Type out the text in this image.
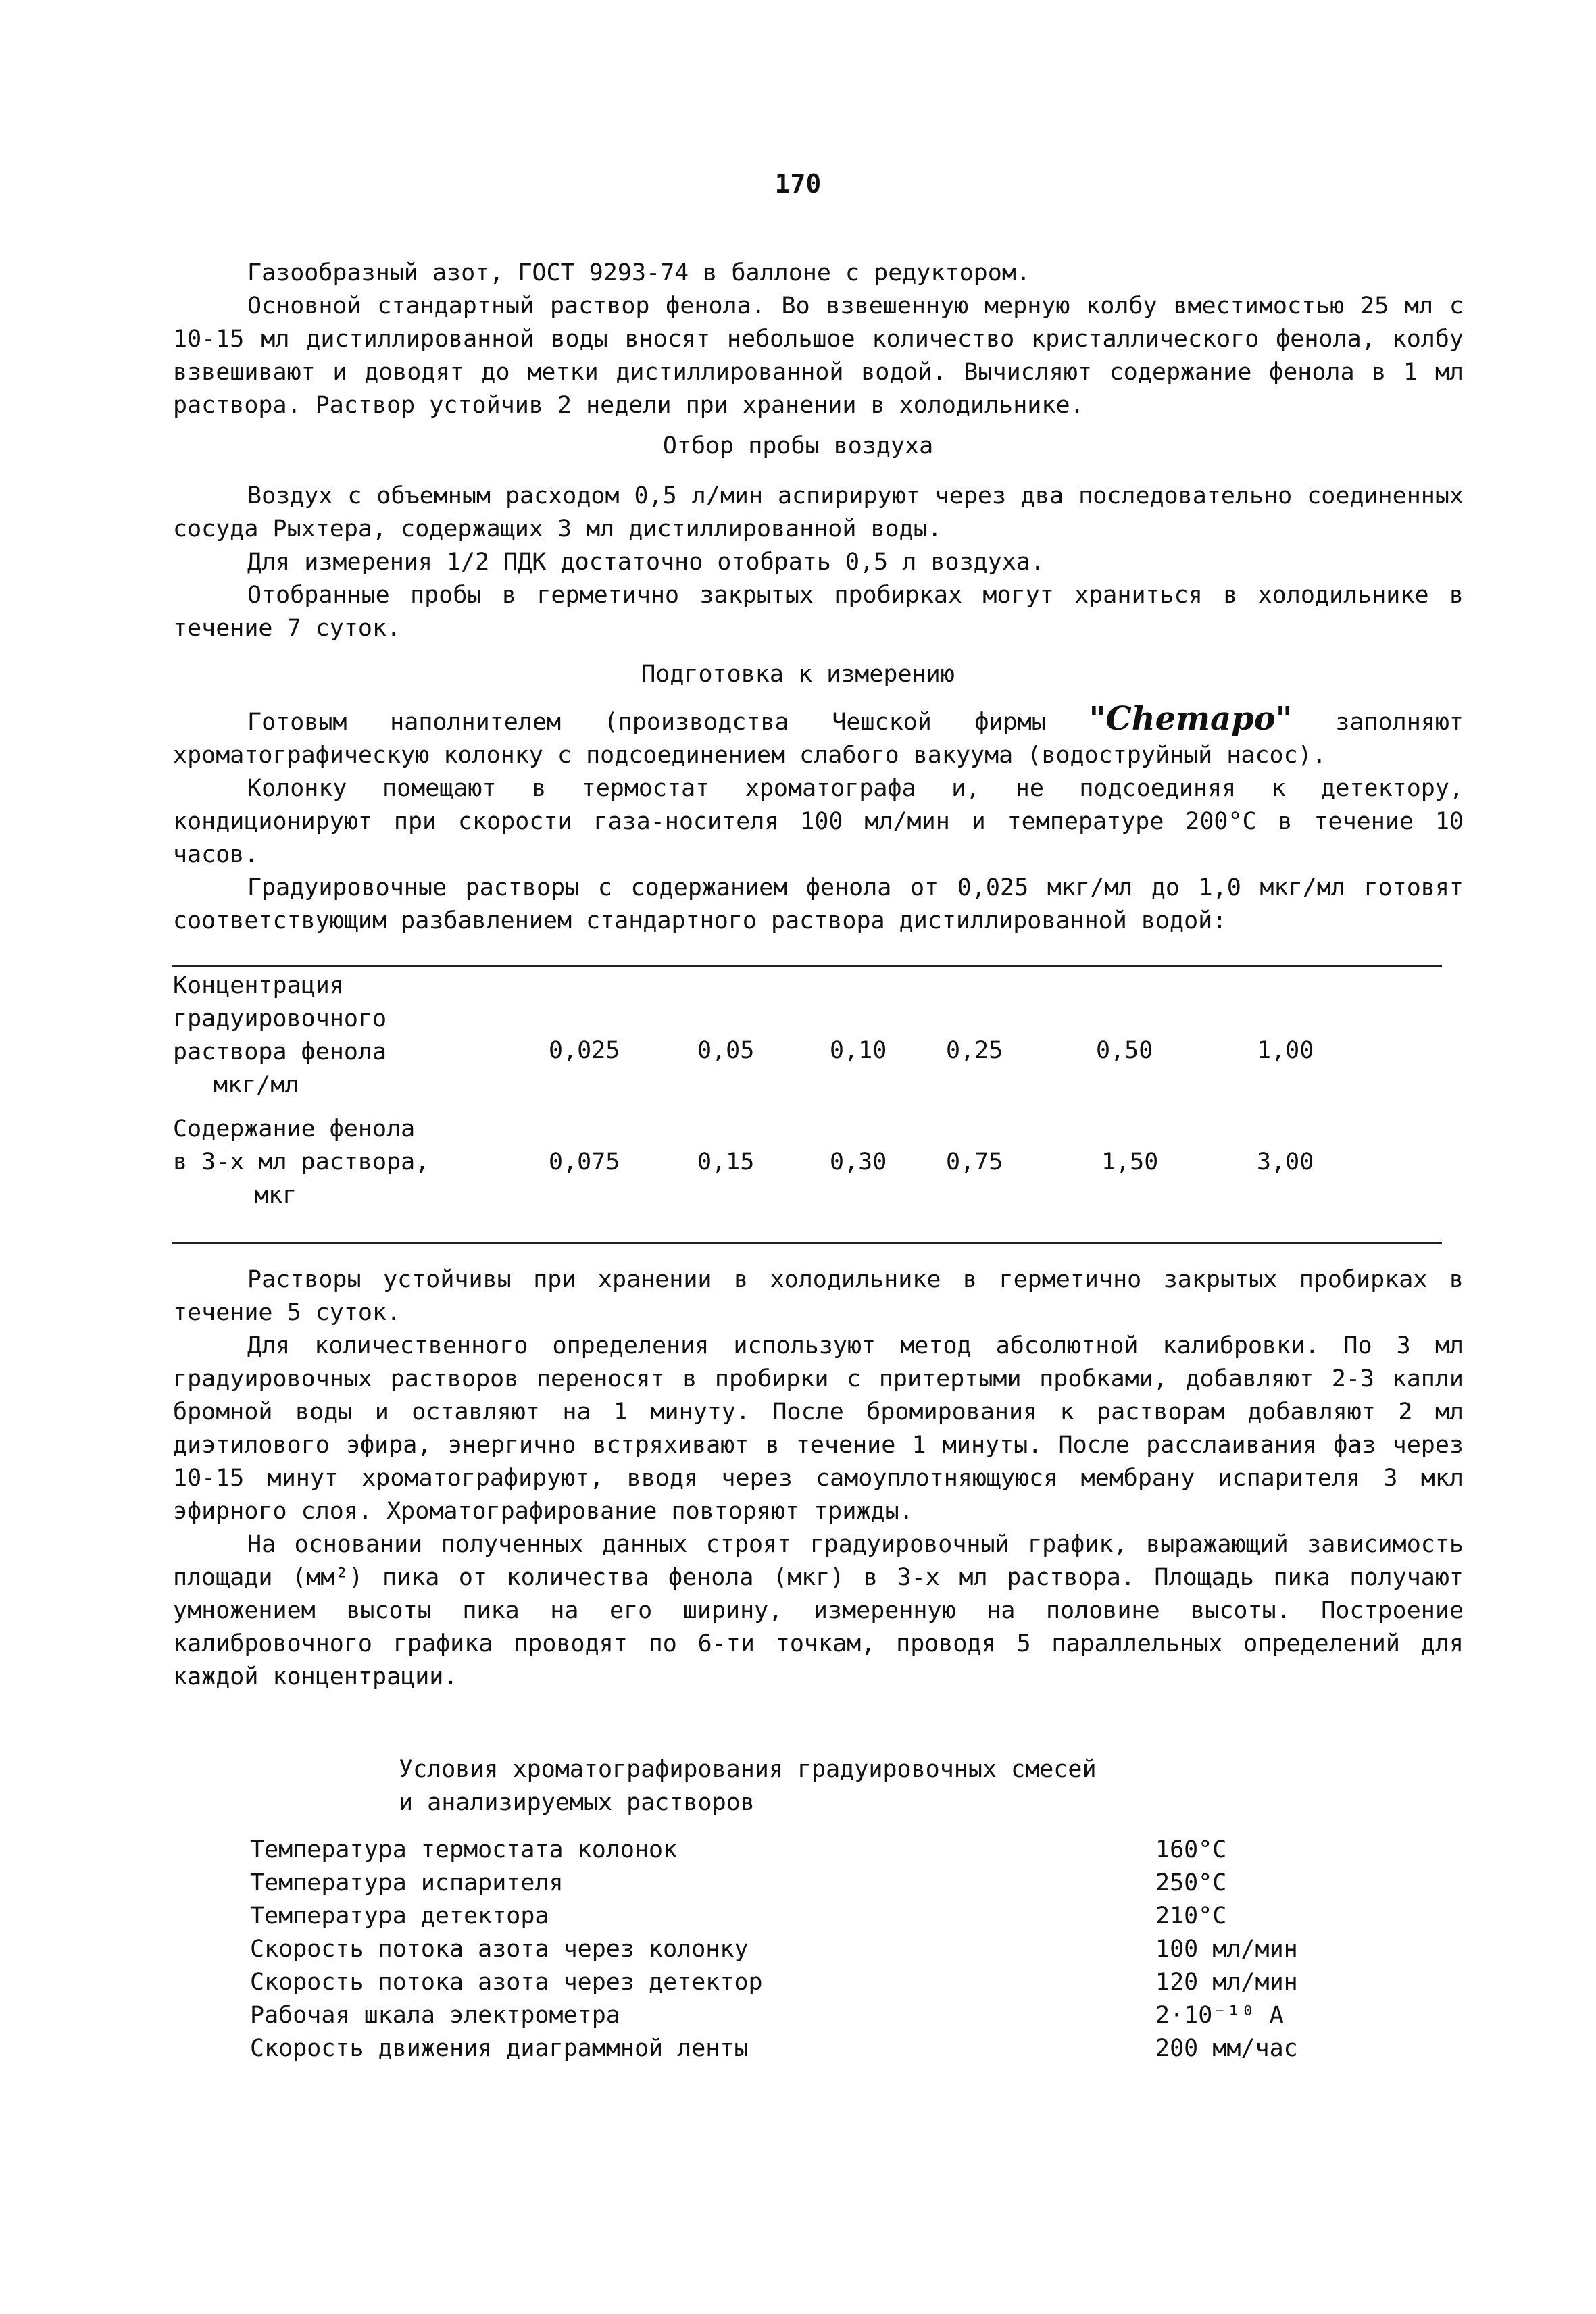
170

Газообразный азот, ГОСТ 9293-74 в баллоне с редуктором.

Основной стандартный раствор фенола. Во взвешенную мерную колбу вместимостью 25 мл с 10-15 мл дистиллированной воды вносят небольшое количество кристаллического фенола, колбу взвешивают и доводят до метки дистиллированной водой. Вычисляют содержание фенола в 1 мл раствора. Раствор устойчив 2 недели при хранении в холодильнике.

Отбор пробы воздуха

Воздух с объемным расходом 0,5 л/мин аспирируют через два последовательно соединенных сосуда Рыхтера, содержащих 3 мл дистиллированной воды.

Для измерения 1/2 ПДК достаточно отобрать 0,5 л воздуха.

Отобранные пробы в герметично закрытых пробирках могут храниться в холодильнике в течение 7 суток.

Подготовка к измерению

Готовым наполнителем (производства Чешской фирмы "Chemapo" заполняют хроматографическую колонку с подсоединением слабого вакуума (водоструйный насос).

Колонку помещают в термостат хроматографа и, не подсоединяя к детектору, кондиционируют при скорости газа-носителя 100 мл/мин и температуре 200°С в течение 10 часов.

Градуировочные растворы с содержанием фенола от 0,025 мкг/мл до 1,0 мкг/мл готовят соответствующим разбавлением стандартного раствора дистиллированной водой:

Концентрация
градуировочного
раствора фенола
мкг/мл
0,025	0,05	0,10	0,25	0,50	1,00
Содержание фенола
в 3-х мл раствора,
мкг
0,075	0,15	0,30	0,75	1,50	3,00

Растворы устойчивы при хранении в холодильнике в герметично закрытых пробирках в течение 5 суток.

Для количественного определения используют метод абсолютной калибровки. По 3 мл градуировочных растворов переносят в пробирки с притертыми пробками, добавляют 2-3 капли бромной воды и оставляют на 1 минуту. После бромирования к растворам добавляют 2 мл диэтилового эфира, энергично встряхивают в течение 1 минуты. После расслаивания фаз через 10-15 минут хроматографируют, вводя через самоуплотняющуюся мембрану испарителя 3 мкл эфирного слоя. Хроматографирование повторяют трижды.

На основании полученных данных строят градуировочный график, выражающий зависимость площади (мм²) пика от количества фенола (мкг) в 3-х мл раствора. Площадь пика получают умножением высоты пика на его ширину, измеренную на половине высоты. Построение калибровочного графика проводят по 6-ти точкам, проводя 5 параллельных определений для каждой концентрации.

Условия хроматографирования градуировочных смесей
и анализируемых растворов
Температура термостата колонок	160°С
Температура испарителя	250°С
Температура детектора	210°С
Скорость потока азота через колонку	100 мл/мин
Скорость потока азота через детектор	120 мл/мин
Рабочая шкала электрометра	2·10⁻¹⁰ А
Скорость движения диаграммной ленты	200 мм/час
